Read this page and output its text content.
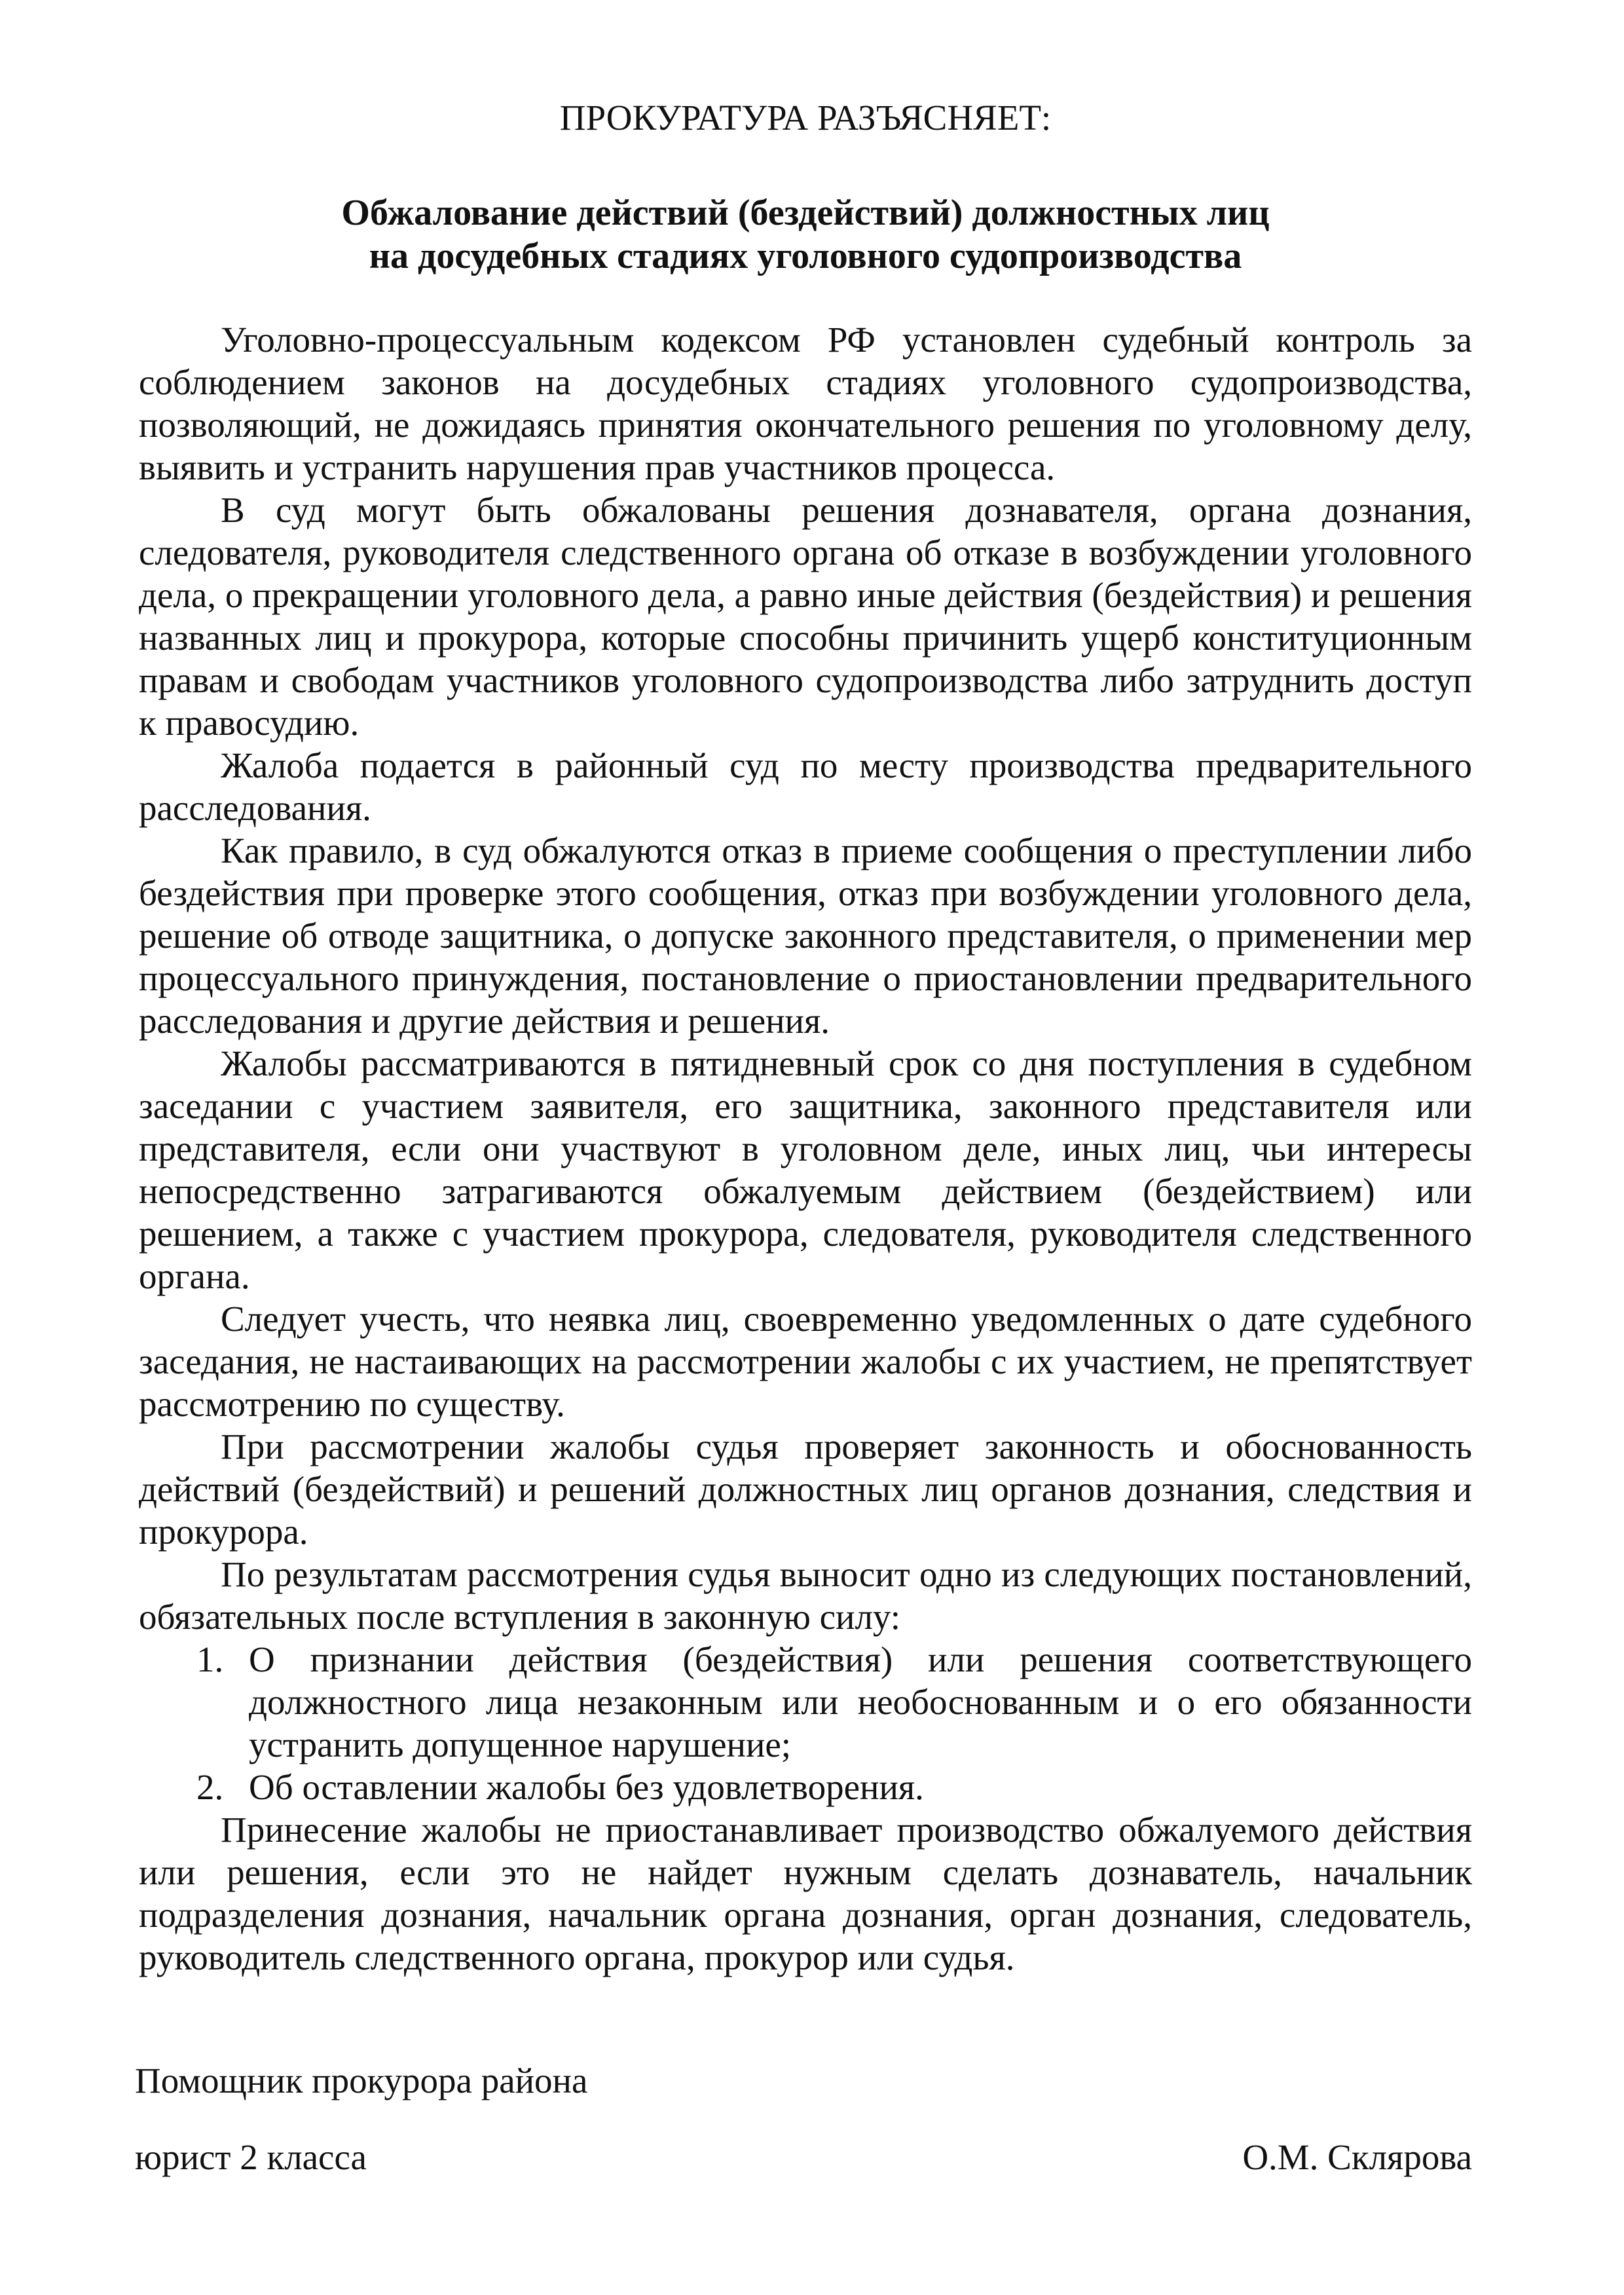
ПРОКУРАТУРА РАЗЪЯСНЯЕТ:
Обжалование действий (бездействий) должностных лиц
на досудебных стадиях уголовного судопроизводства

Уголовно-процессуальным кодексом РФ установлен судебный контроль за соблюдением законов на досудебных стадиях уголовного судопроизводства, позволяющий, не дожидаясь принятия окончательного решения по уголовному делу, выявить и устранить нарушения прав участников процесса.

В суд могут быть обжалованы решения дознавателя, органа дознания, следователя, руководителя следственного органа об отказе в возбуждении уголовного дела, о прекращении уголовного дела, а равно иные действия (бездействия) и решения названных лиц и прокурора, которые способны причинить ущерб конституционным правам и свободам участников уголовного судопроизводства либо затруднить доступ к правосудию.

Жалоба подается в районный суд по месту производства предварительного расследования.

Как правило, в суд обжалуются отказ в приеме сообщения о преступлении либо бездействия при проверке этого сообщения, отказ при возбуждении уголовного дела, решение об отводе защитника, о допуске законного представителя, о применении мер процессуального принуждения, постановление о приостановлении предварительного расследования и другие действия и решения.

Жалобы рассматриваются в пятидневный срок со дня поступления в судебном заседании с участием заявителя, его защитника, законного представителя или представителя, если они участвуют в уголовном деле, иных лиц, чьи интересы непосредственно затрагиваются обжалуемым действием (бездействием) или решением, а также с участием прокурора, следователя, руководителя следственного органа.

Следует учесть, что неявка лиц, своевременно уведомленных о дате судебного заседания, не настаивающих на рассмотрении жалобы с их участием, не препятствует рассмотрению по существу.

При рассмотрении жалобы судья проверяет законность и обоснованность действий (бездействий) и решений должностных лиц органов дознания, следствия и прокурора.

По результатам рассмотрения судья выносит одно из следующих постановлений, обязательных после вступления в законную силу:

1. О признании действия (бездействия) или решения соответствующего должностного лица незаконным или необоснованным и о его обязанности устранить допущенное нарушение;
2. Об оставлении жалобы без удовлетворения.

Принесение жалобы не приостанавливает производство обжалуемого действия или решения, если это не найдет нужным сделать дознаватель, начальник подразделения дознания, начальник органа дознания, орган дознания, следователь, руководитель следственного органа, прокурор или судья.

Помощник прокурора района
юрист 2 класса	О.М. Склярова
